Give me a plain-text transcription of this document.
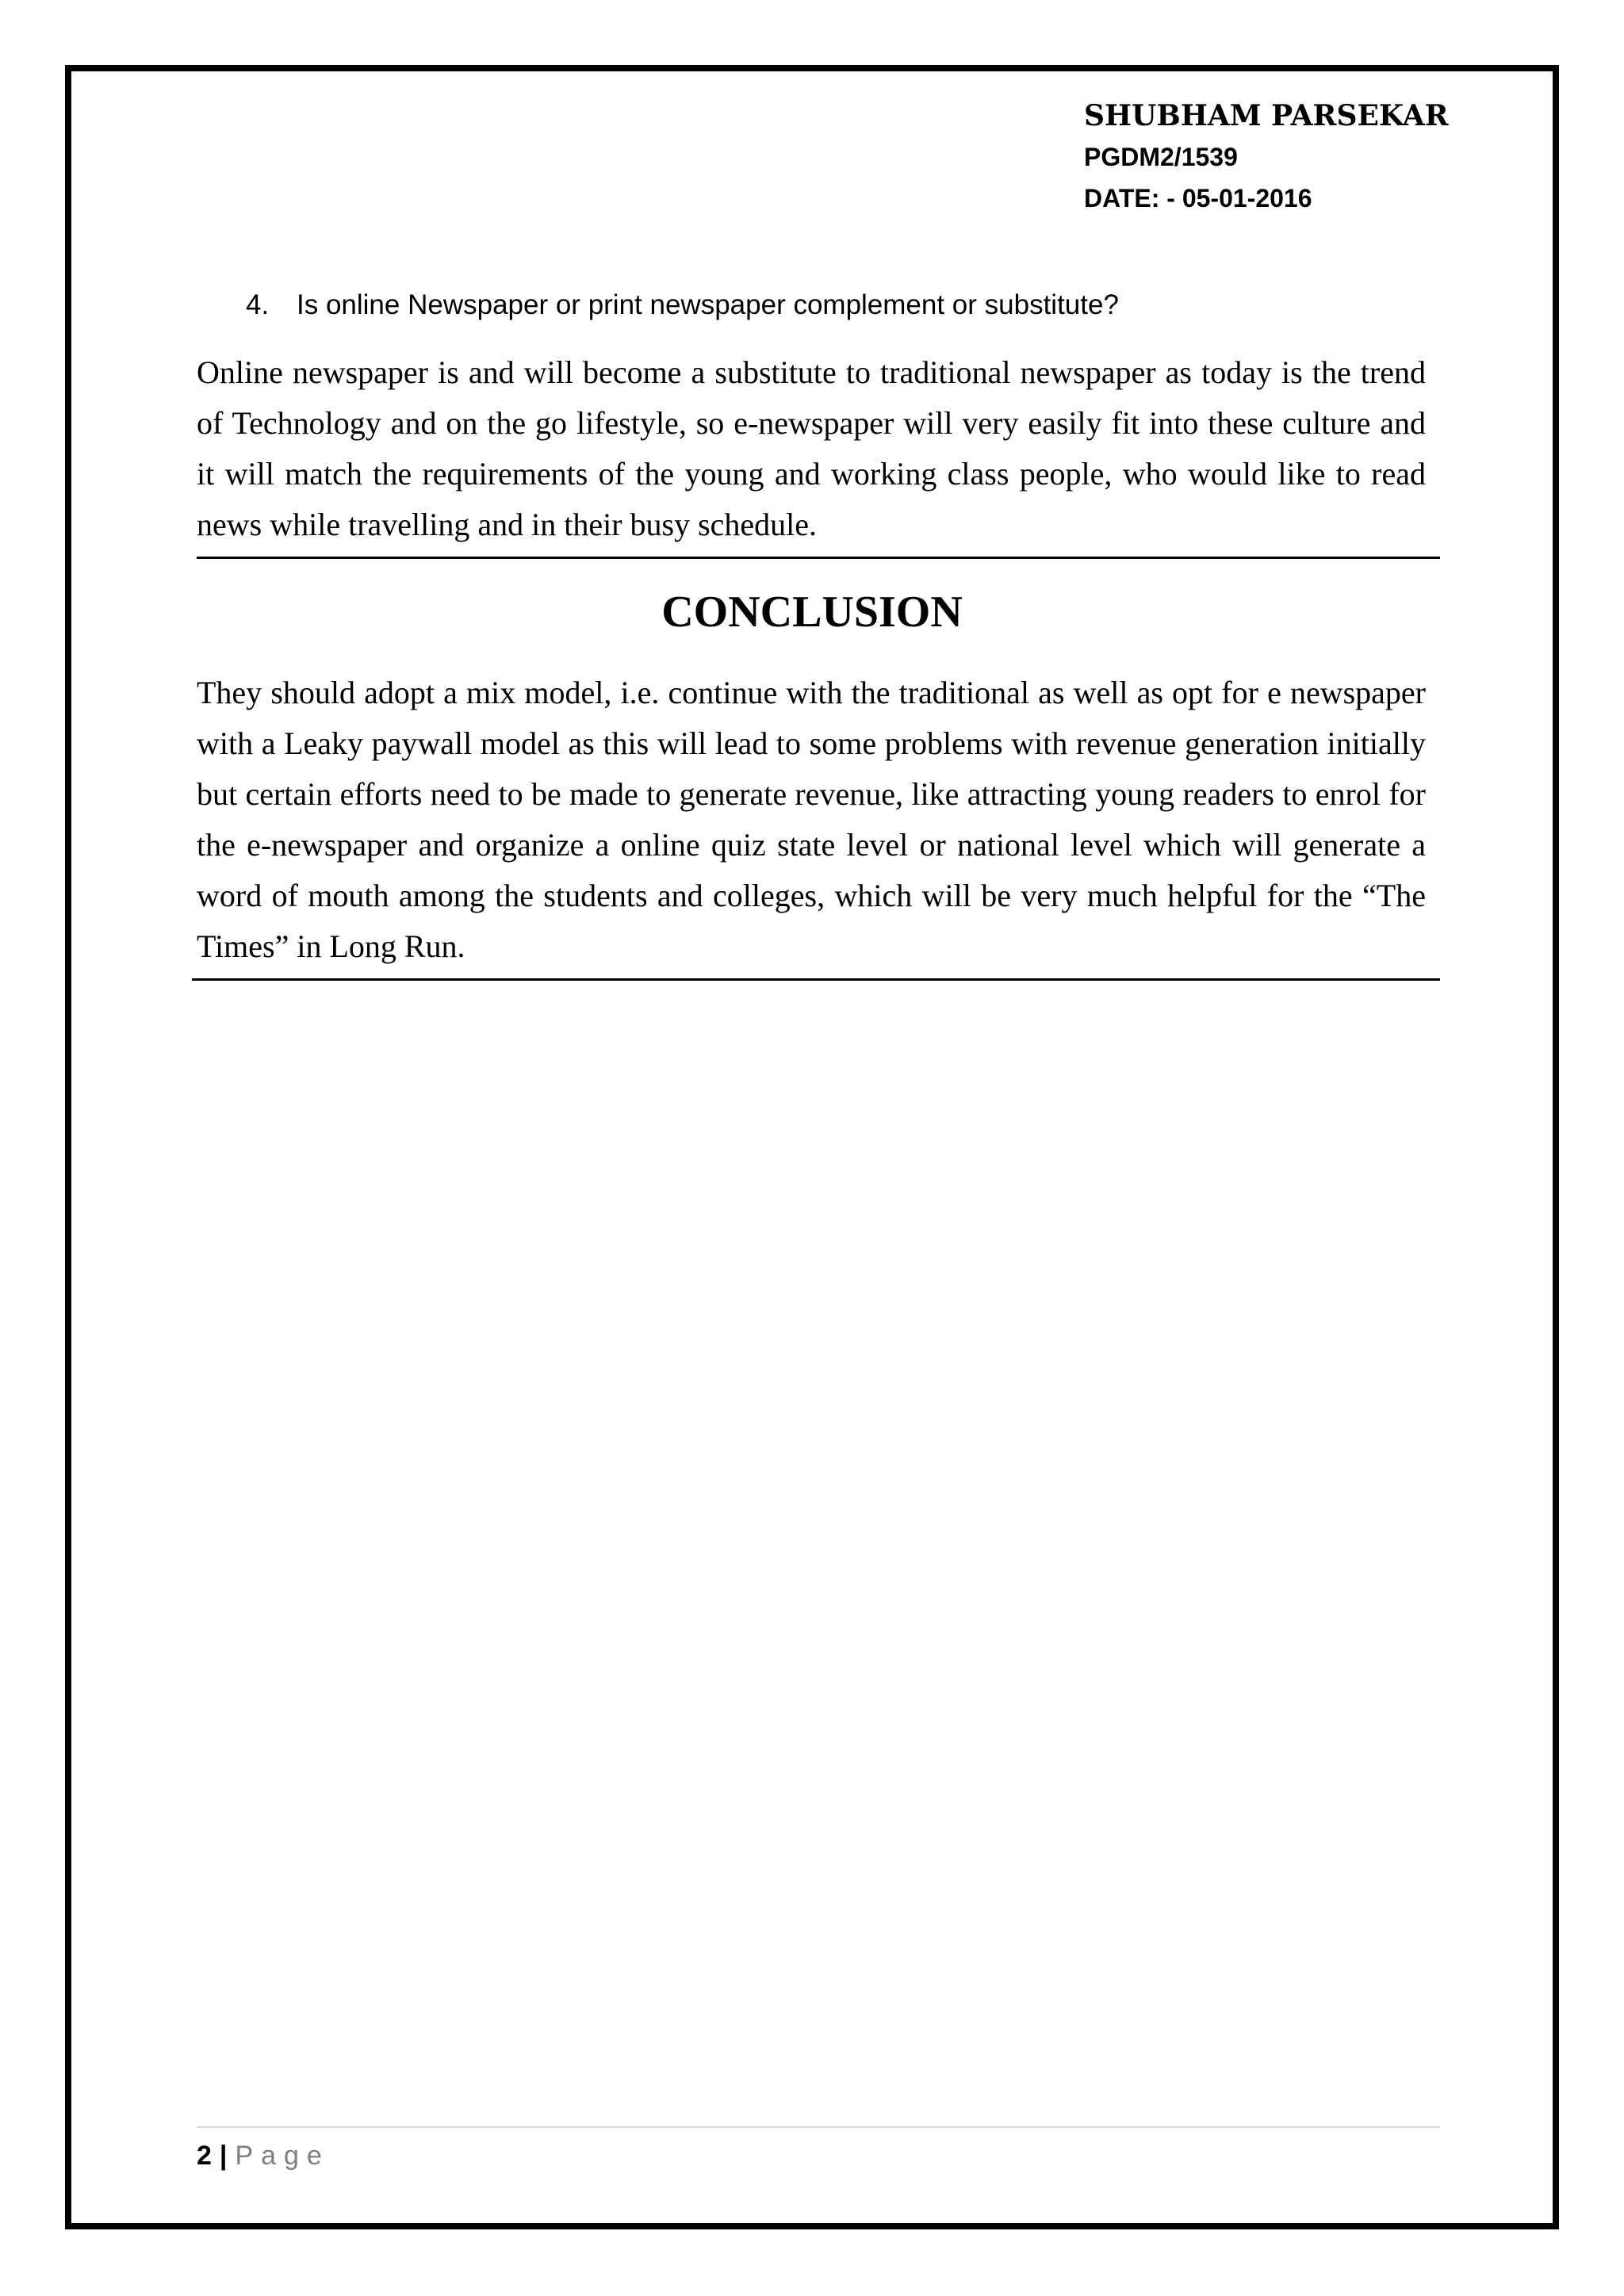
SHUBHAM PARSEKAR
PGDM2/1539
DATE: - 05-01-2016
4. Is online Newspaper or print newspaper complement or substitute?

Online newspaper is and will become a substitute to traditional newspaper as today is the trend of Technology and on the go lifestyle, so e-newspaper will very easily fit into these culture and it will match the requirements of the young and working class people, who would like to read news while travelling and in their busy schedule.

CONCLUSION

They should adopt a mix model, i.e. continue with the traditional as well as opt for e newspaper with a Leaky paywall model as this will lead to some problems with revenue generation initially but certain efforts need to be made to generate revenue, like attracting young readers to enrol for the e-newspaper and organize a online quiz state level or national level which will generate a word of mouth among the students and colleges, which will be very much helpful for the “The Times” in Long Run.

2 | Page
